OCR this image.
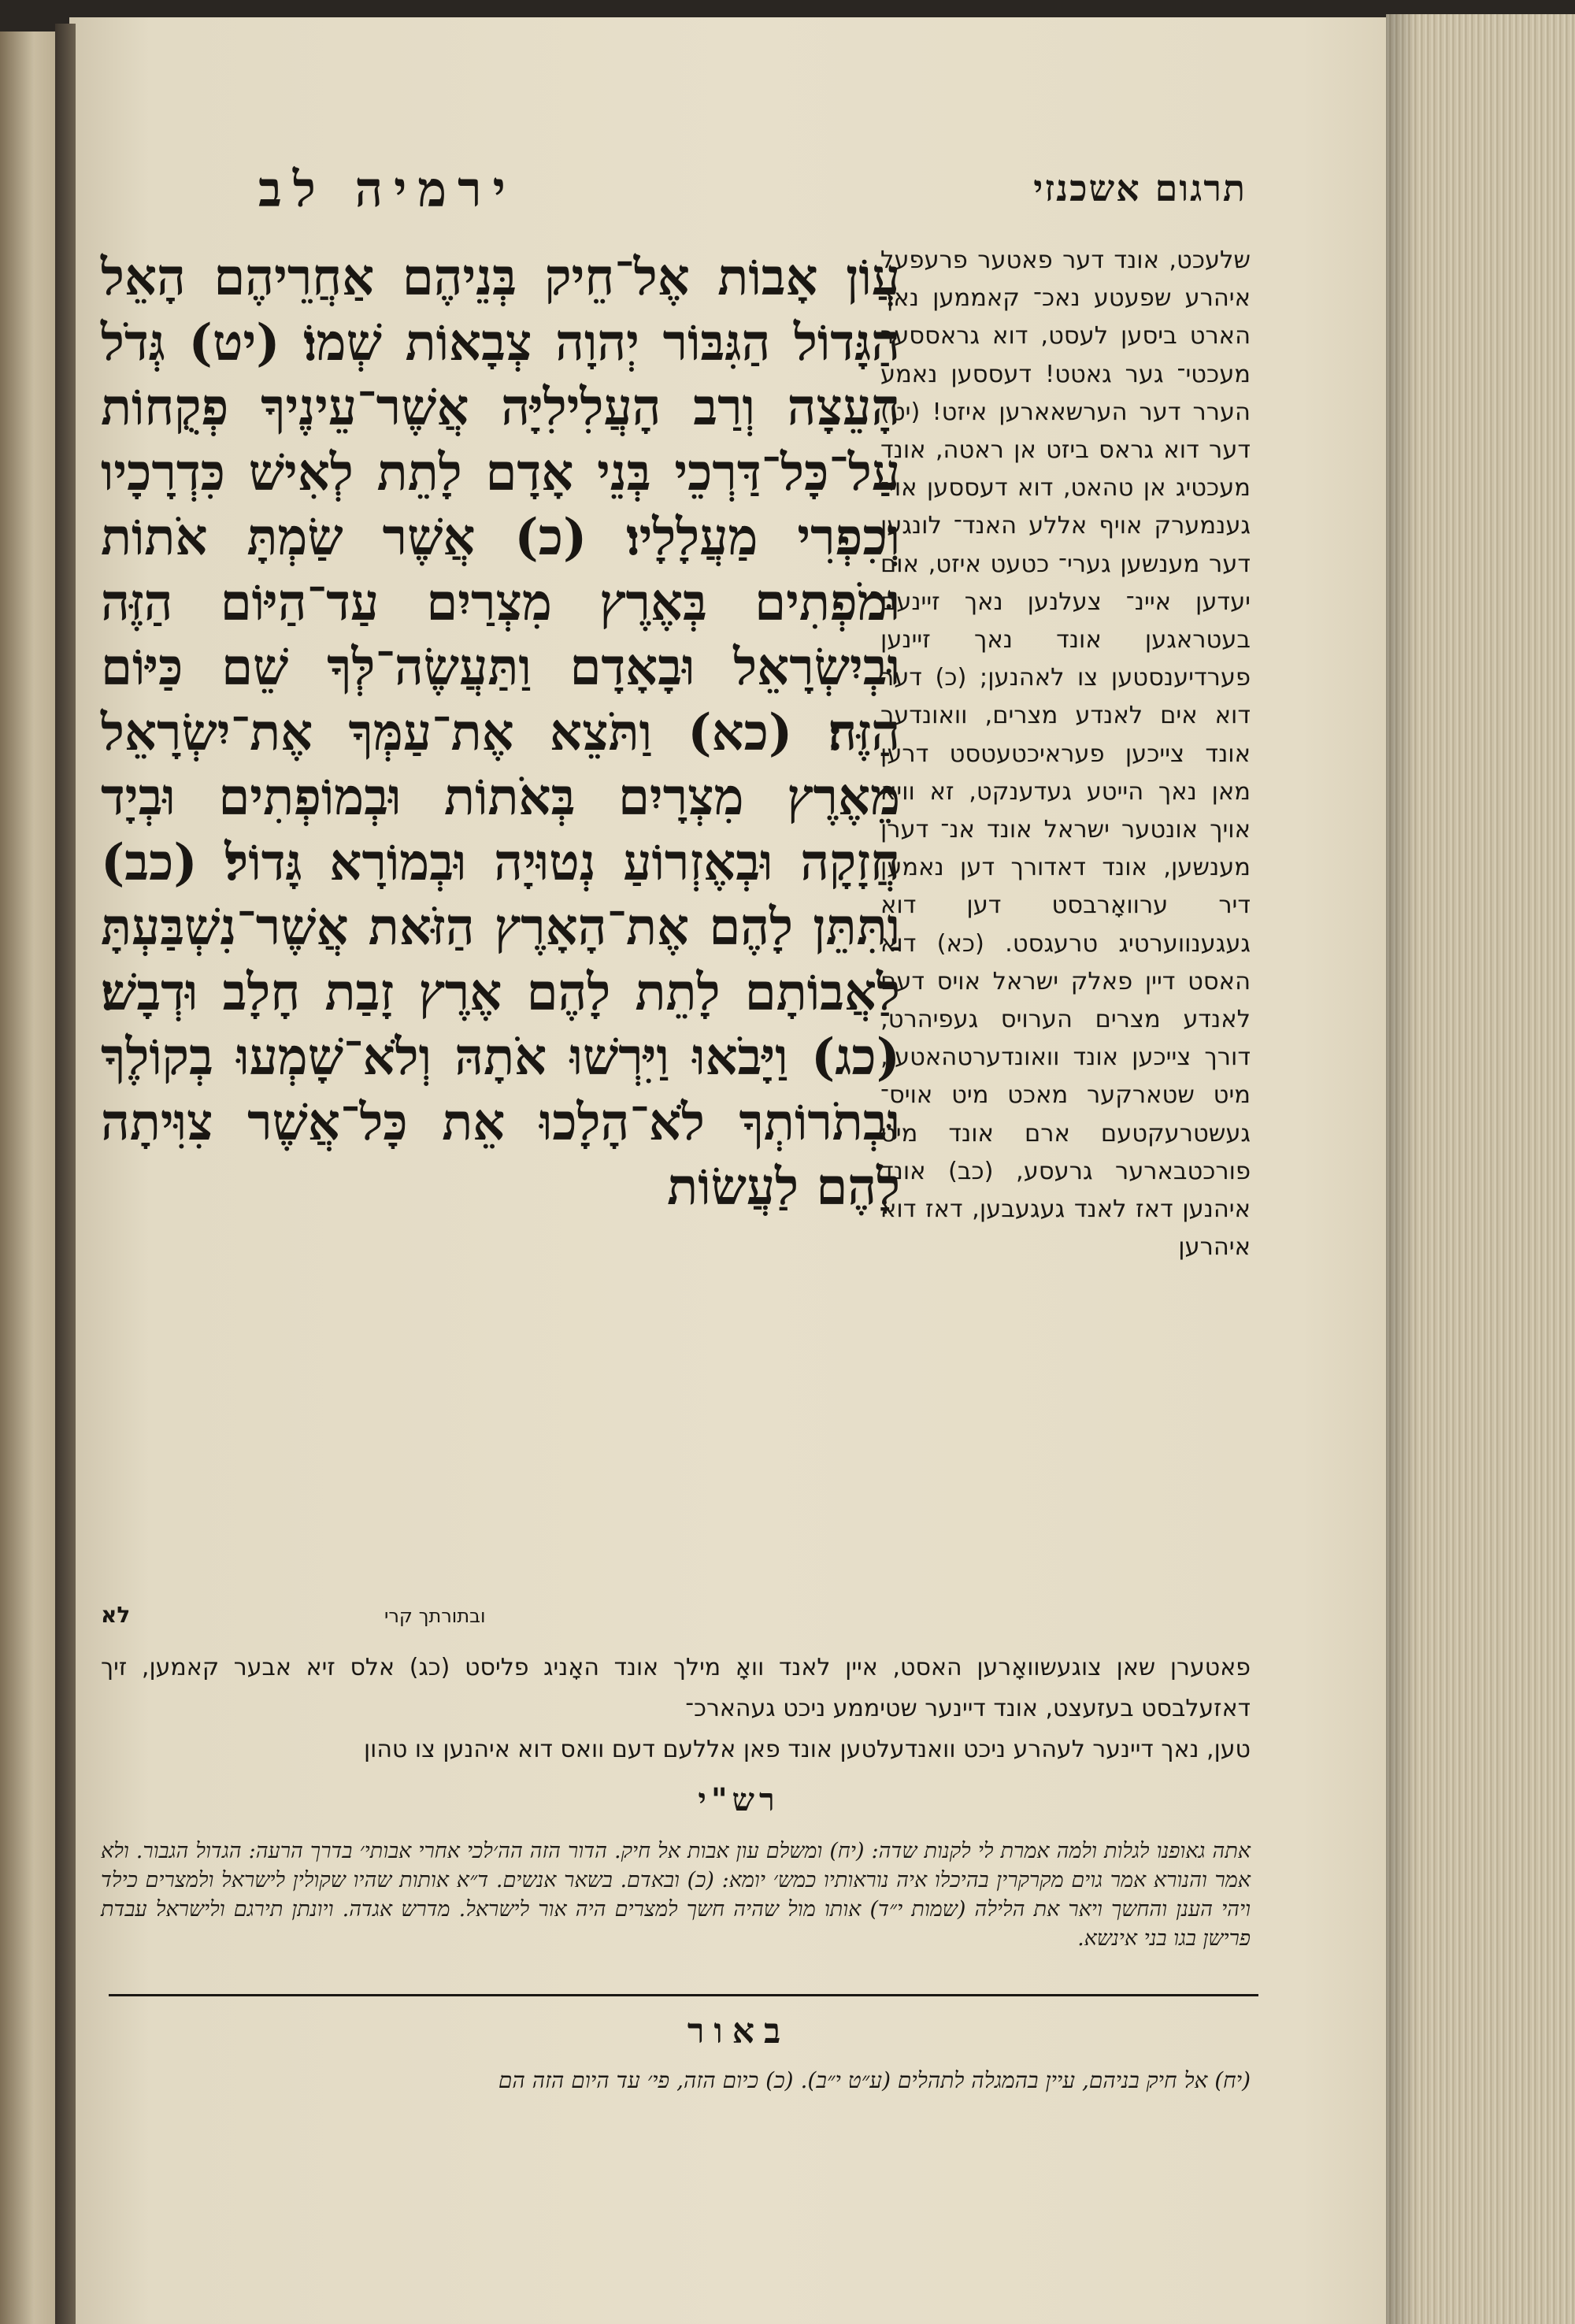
תרגום אשכנזי
ירמיה לב

שלעכט, אונד דער פאטער פרעפעל איהרע שפעטע נאכ־ קאממען נאך הארט ביסען לעסט, דוא גראססער מעכטי־ גער גאטט! דעססען נאמע הערר דער הערשאארען איזט! (יט) דער דוא גראס ביזט אן ראטה, אונד מעכטיג אן טהאט, דוא דעססען אוי־ גענמערק אויף אללע האנד־ לונגען דער מענשען גערי־ כטעט איזט, אום יעדען איינ־ צעלנען נאך זיינעם בעטראגען אונד נאך זיינען פערדיענסטען צו לאהנען; (כ) דער דוא אים לאנדע מצרים, וואונדער אונד צייכען פעראיכטעטסט דרען מאן נאך הייטע געדענקט, זא וויא אויך אונטער ישראל אונד אנ־ דערן מענשען, אונד דאדורך דען נאמען דיר ערוואָרבסט דען דוא געגענווערטיג טרעגסט. (כא) דוא האסט דיין פאלק ישראל אויס דעם לאנדע מצרים הערויס געפיהרט, דורך צייכען אונד וואונדערטהאטען, מיט שטארקער מאכט מיט אויס־ געשטרעקטעם ארם אונד מיט פורכטבארער גרעסע, (כב) אונד איהנען דאז לאנד געגעבען, דאז דוא איהרען

עֲוֹן אָבוֹת אֶל־חֵיק בְּנֵיהֶם אַחֲרֵיהֶם הָאֵל הַגָּדוֹל הַגִּבּוֹר יְהוָה צְבָאוֹת שְׁמוֹ׃ (יט) גְּדֹל הָעֵצָה וְרַב הָעֲלִילִיָּה אֲשֶׁר־עֵינֶיךָ פְקֻחוֹת עַל־כָּל־דַּרְכֵי בְּנֵי אָדָם לָתֵת לְאִישׁ כִּדְרָכָיו וְכִפְרִי מַעֲלָלָיו׃ (כ) אֲשֶׁר שַׂמְתָּ אֹתוֹת וּמֹפְתִים בְּאֶרֶץ מִצְרַיִם עַד־הַיּוֹם הַזֶּה וּבְיִשְׂרָאֵל וּבָאָדָם וַתַּעֲשֶׂה־לְּךָ שֵׁם כַּיּוֹם הַזֶּה׃ (כא) וַתֹּצֵא אֶת־עַמְּךָ אֶת־יִשְׂרָאֵל מֵאֶרֶץ מִצְרָיִם בְּאֹתוֹת וּבְמוֹפְתִים וּבְיָד חֲזָקָה וּבְאֶזְרוֹעַ נְטוּיָה וּבְמוֹרָא גָּדוֹל׃ (כב) וַתִּתֵּן לָהֶם אֶת־הָאָרֶץ הַזֹּאת אֲשֶׁר־נִשְׁבַּעְתָּ לַאֲבוֹתָם לָתֵת לָהֶם אֶרֶץ זָבַת חָלָב וּדְבָשׁ׃ (כג) וַיָּבֹאוּ וַיִּרְשׁוּ אֹתָהּ וְלֹא־שָׁמְעוּ בְקוֹלֶךָ וּבְתֹרוֹתְךָ לֹא־הָלָכוּ אֵת כָּל־אֲשֶׁר צִוִּיתָה לָהֶם לַעֲשׂוֹת

לא	ובתורתך קרי

פאטערן שאן צוגעשוואָרען האסט, איין לאנד וואָ מילך אונד האָניג פליסט (כג) אלס זיא אבער קאמען, זיך דאזעלבסט בעזעצט, אונד דיינער שטיממע ניכט געהארכ־

טען, נאך דיינער לעהרע ניכט וואנדעלטען אונד פאן אללעם דעם וואס דוא איהנען צו טהון

רש"י

אתה גאופנו לגלות ולמה אמרת לי לקנות שדה: (יח) ומשלם עון אבות אל חיק. הדור הזה הה׳לכי אחרי אבותי׳ בדרך הרעה: הגדול הגבור. ולא אמר והנורא אמר גוים מקרקרין בהיכלו איה נוראותיו כמש׳ יומא: (כ) ובאדם. בשאר אנשים. ד״א אותות שהיו שקולין לישראל ולמצרים כילד ויהי הענן והחשך ויאר את הלילה (שמות י״ד) אותו מול שהיה חשך למצרים היה אור לישראל. מדרש אגדה. ויונתן תירגם ולישראל עבדת פרישן בגו בני אינשא.

באור

(יח) אל חיק בניהם, עיין בהמגלה לתהלים (ע״ט י״ב). (כ) כיום הזה, פי׳ עד היום הזה הם
